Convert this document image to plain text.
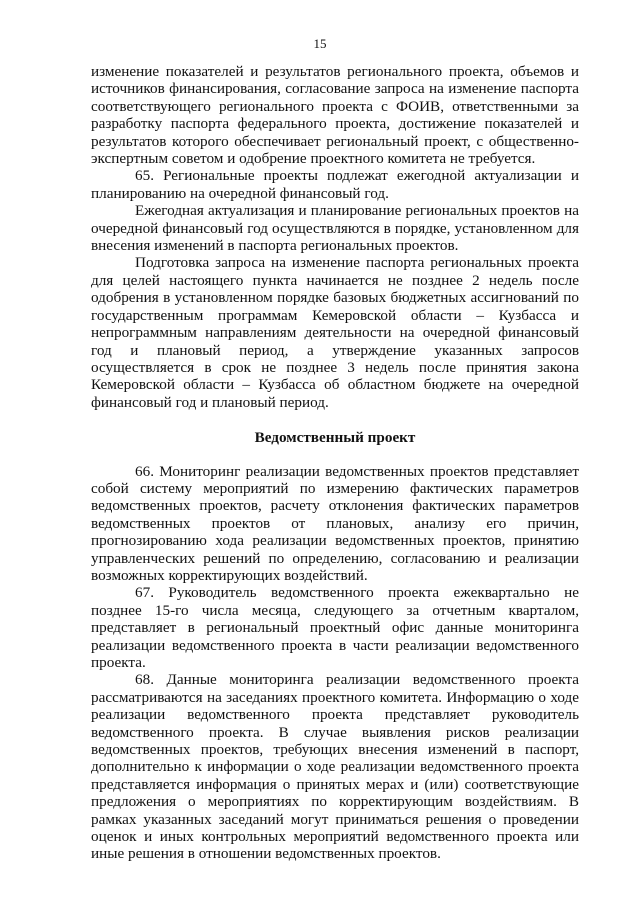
15

изменение показателей и результатов регионального проекта, объемов и источников финансирования, согласование запроса на изменение паспорта соответствующего регионального проекта с ФОИВ, ответственными за разработку паспорта федерального проекта, достижение показателей и результатов которого обеспечивает региональный проект, с общественно-экспертным советом и одобрение проектного комитета не требуется.

65. Региональные проекты подлежат ежегодной актуализации и планированию на очередной финансовый год.

Ежегодная актуализация и планирование региональных проектов на очередной финансовый год осуществляются в порядке, установленном для внесения изменений в паспорта региональных проектов.

Подготовка запроса на изменение паспорта региональных проекта для целей настоящего пункта начинается не позднее 2 недель после одобрения в установленном порядке базовых бюджетных ассигнований по государственным программам Кемеровской области – Кузбасса и непрограммным направлениям деятельности на очередной финансовый год и плановый период, а утверждение указанных запросов осуществляется в срок не позднее 3 недель после принятия закона Кемеровской области – Кузбасса об областном бюджете на очередной финансовый год и плановый период.

Ведомственный проект

66. Мониторинг реализации ведомственных проектов представляет собой систему мероприятий по измерению фактических параметров ведомственных проектов, расчету отклонения фактических параметров ведомственных проектов от плановых, анализу его причин, прогнозированию хода реализации ведомственных проектов, принятию управленческих решений по определению, согласованию и реализации возможных корректирующих воздействий.

67. Руководитель ведомственного проекта ежеквартально не позднее 15-го числа месяца, следующего за отчетным кварталом, представляет в региональный проектный офис данные мониторинга реализации ведомственного проекта в части реализации ведомственного проекта.

68. Данные мониторинга реализации ведомственного проекта рассматриваются на заседаниях проектного комитета. Информацию о ходе реализации ведомственного проекта представляет руководитель ведомственного проекта. В случае выявления рисков реализации ведомственных проектов, требующих внесения изменений в паспорт, дополнительно к информации о ходе реализации ведомственного проекта представляется информация о принятых мерах и (или) соответствующие предложения о мероприятиях по корректирующим воздействиям. В рамках указанных заседаний могут приниматься решения о проведении оценок и иных контрольных мероприятий ведомственного проекта или иные решения в отношении ведомственных проектов.
